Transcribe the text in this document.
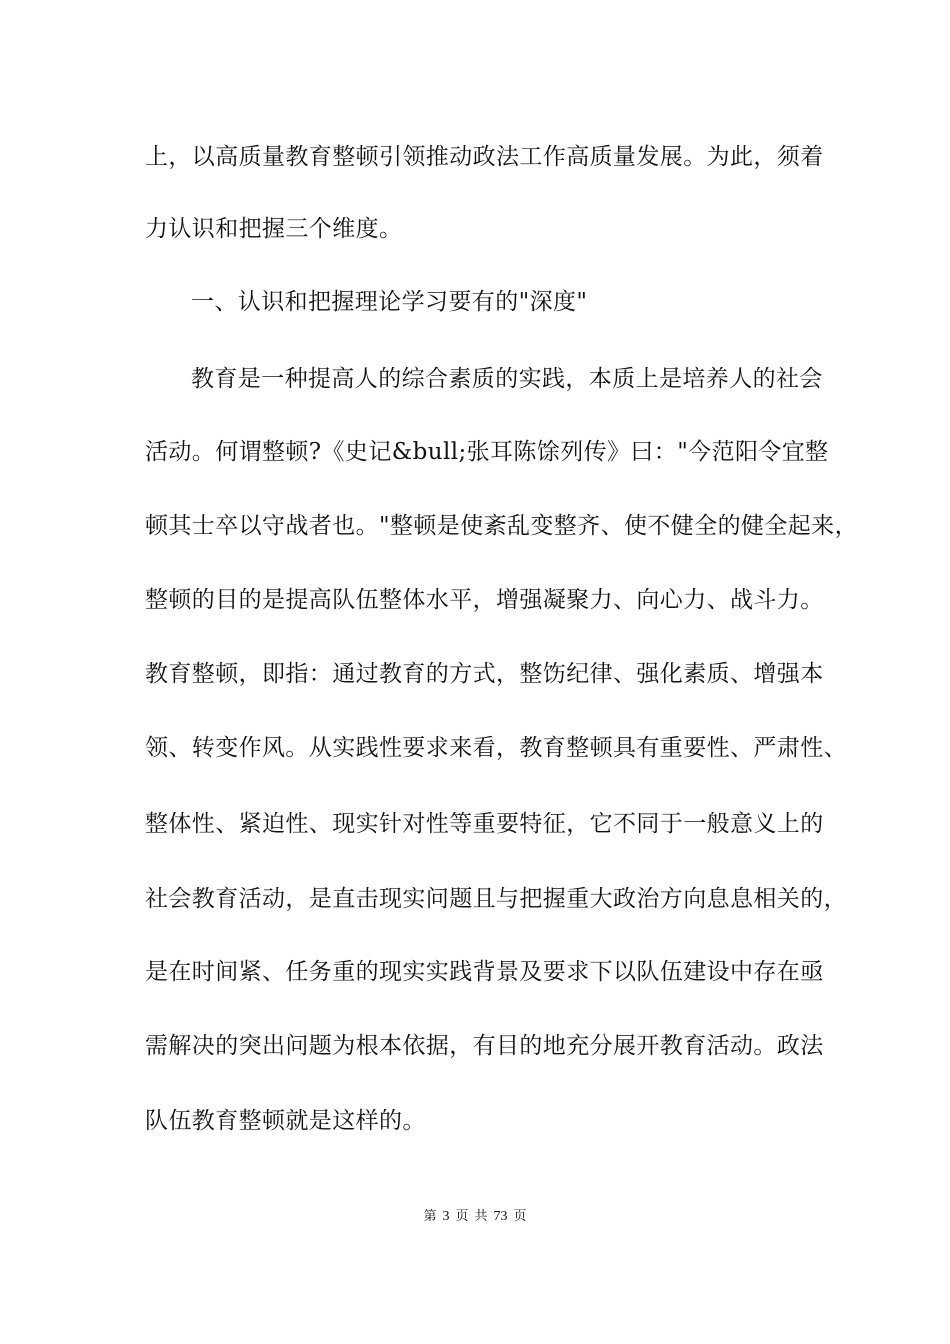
上，以高质量教育整顿引领推动政法工作高质量发展。为此，须着
力认识和把握三个维度。
一、认识和把握理论学习要有的"深度"
教育是一种提高人的综合素质的实践，本质上是培养人的社会
活动。何谓整顿?《史记&bull;张耳陈馀列传》曰："今范阳令宜整
顿其士卒以守战者也。"整顿是使紊乱变整齐、使不健全的健全起来，
整顿的目的是提高队伍整体水平，增强凝聚力、向心力、战斗力。
教育整顿，即指：通过教育的方式，整饬纪律、强化素质、增强本
领、转变作风。从实践性要求来看，教育整顿具有重要性、严肃性、
整体性、紧迫性、现实针对性等重要特征，它不同于一般意义上的
社会教育活动，是直击现实问题且与把握重大政治方向息息相关的，
是在时间紧、任务重的现实实践背景及要求下以队伍建设中存在亟
需解决的突出问题为根本依据，有目的地充分展开教育活动。政法
队伍教育整顿就是这样的。
第 3 页 共 73 页
